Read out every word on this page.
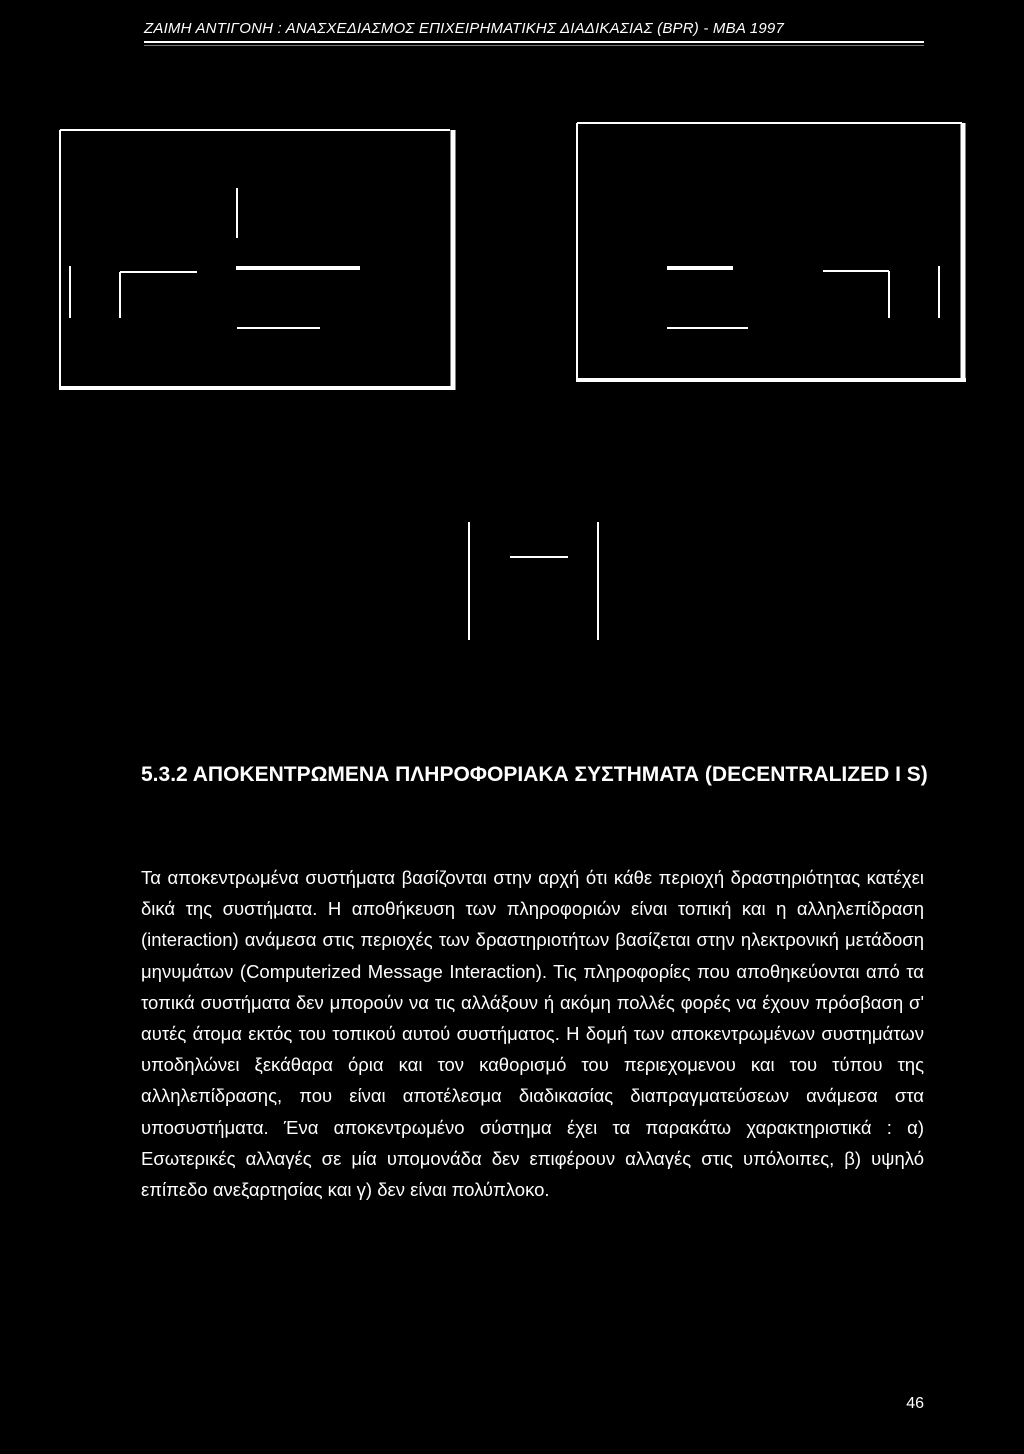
ΖΑΙΜΗ ΑΝΤΙΓΟΝΗ : ΑΝΑΣΧΕΔΙΑΣΜΟΣ ΕΠΙΧΕΙΡΗΜΑΤΙΚΗΣ ΔΙΑΔΙΚΑΣΙΑΣ (BPR) - MBA 1997
5.3.2 ΑΠΟΚΕΝΤΡΩΜΕΝΑ ΠΛΗΡΟΦΟΡΙΑΚΑ ΣΥΣΤΗΜΑΤΑ (DECENTRALIZED I S)
Τα αποκεντρωμένα συστήματα βασίζονται στην αρχή ότι κάθε περιοχή δραστηριότητας κατέχει δικά της συστήματα. Η αποθήκευση των πληροφοριών είναι τοπική και η αλληλεπίδραση (interaction) ανάμεσα στις περιοχές των δραστηριοτήτων βασίζεται στην ηλεκτρονική μετάδοση μηνυμάτων (Computerized Message Interaction). Τις πληροφορίες που αποθηκεύονται από τα τοπικά συστήματα δεν μπορούν να τις αλλάξουν ή ακόμη πολλές φορές να έχουν πρόσβαση σ' αυτές άτομα εκτός του τοπικού αυτού συστήματος. Η δομή των αποκεντρωμένων συστημάτων υποδηλώνει ξεκάθαρα όρια και τον καθορισμό του περιεχομενου και του τύπου της αλληλεπίδρασης, που είναι αποτέλεσμα διαδικασίας διαπραγματεύσεων ανάμεσα στα υποσυστήματα. Ένα αποκεντρωμένο σύστημα έχει τα παρακάτω χαρακτηριστικά : α) Εσωτερικές αλλαγές σε μία υπομονάδα δεν επιφέρουν αλλαγές στις υπόλοιπες, β) υψηλό επίπεδο ανεξαρτησίας και γ) δεν είναι πολύπλοκο.
46
